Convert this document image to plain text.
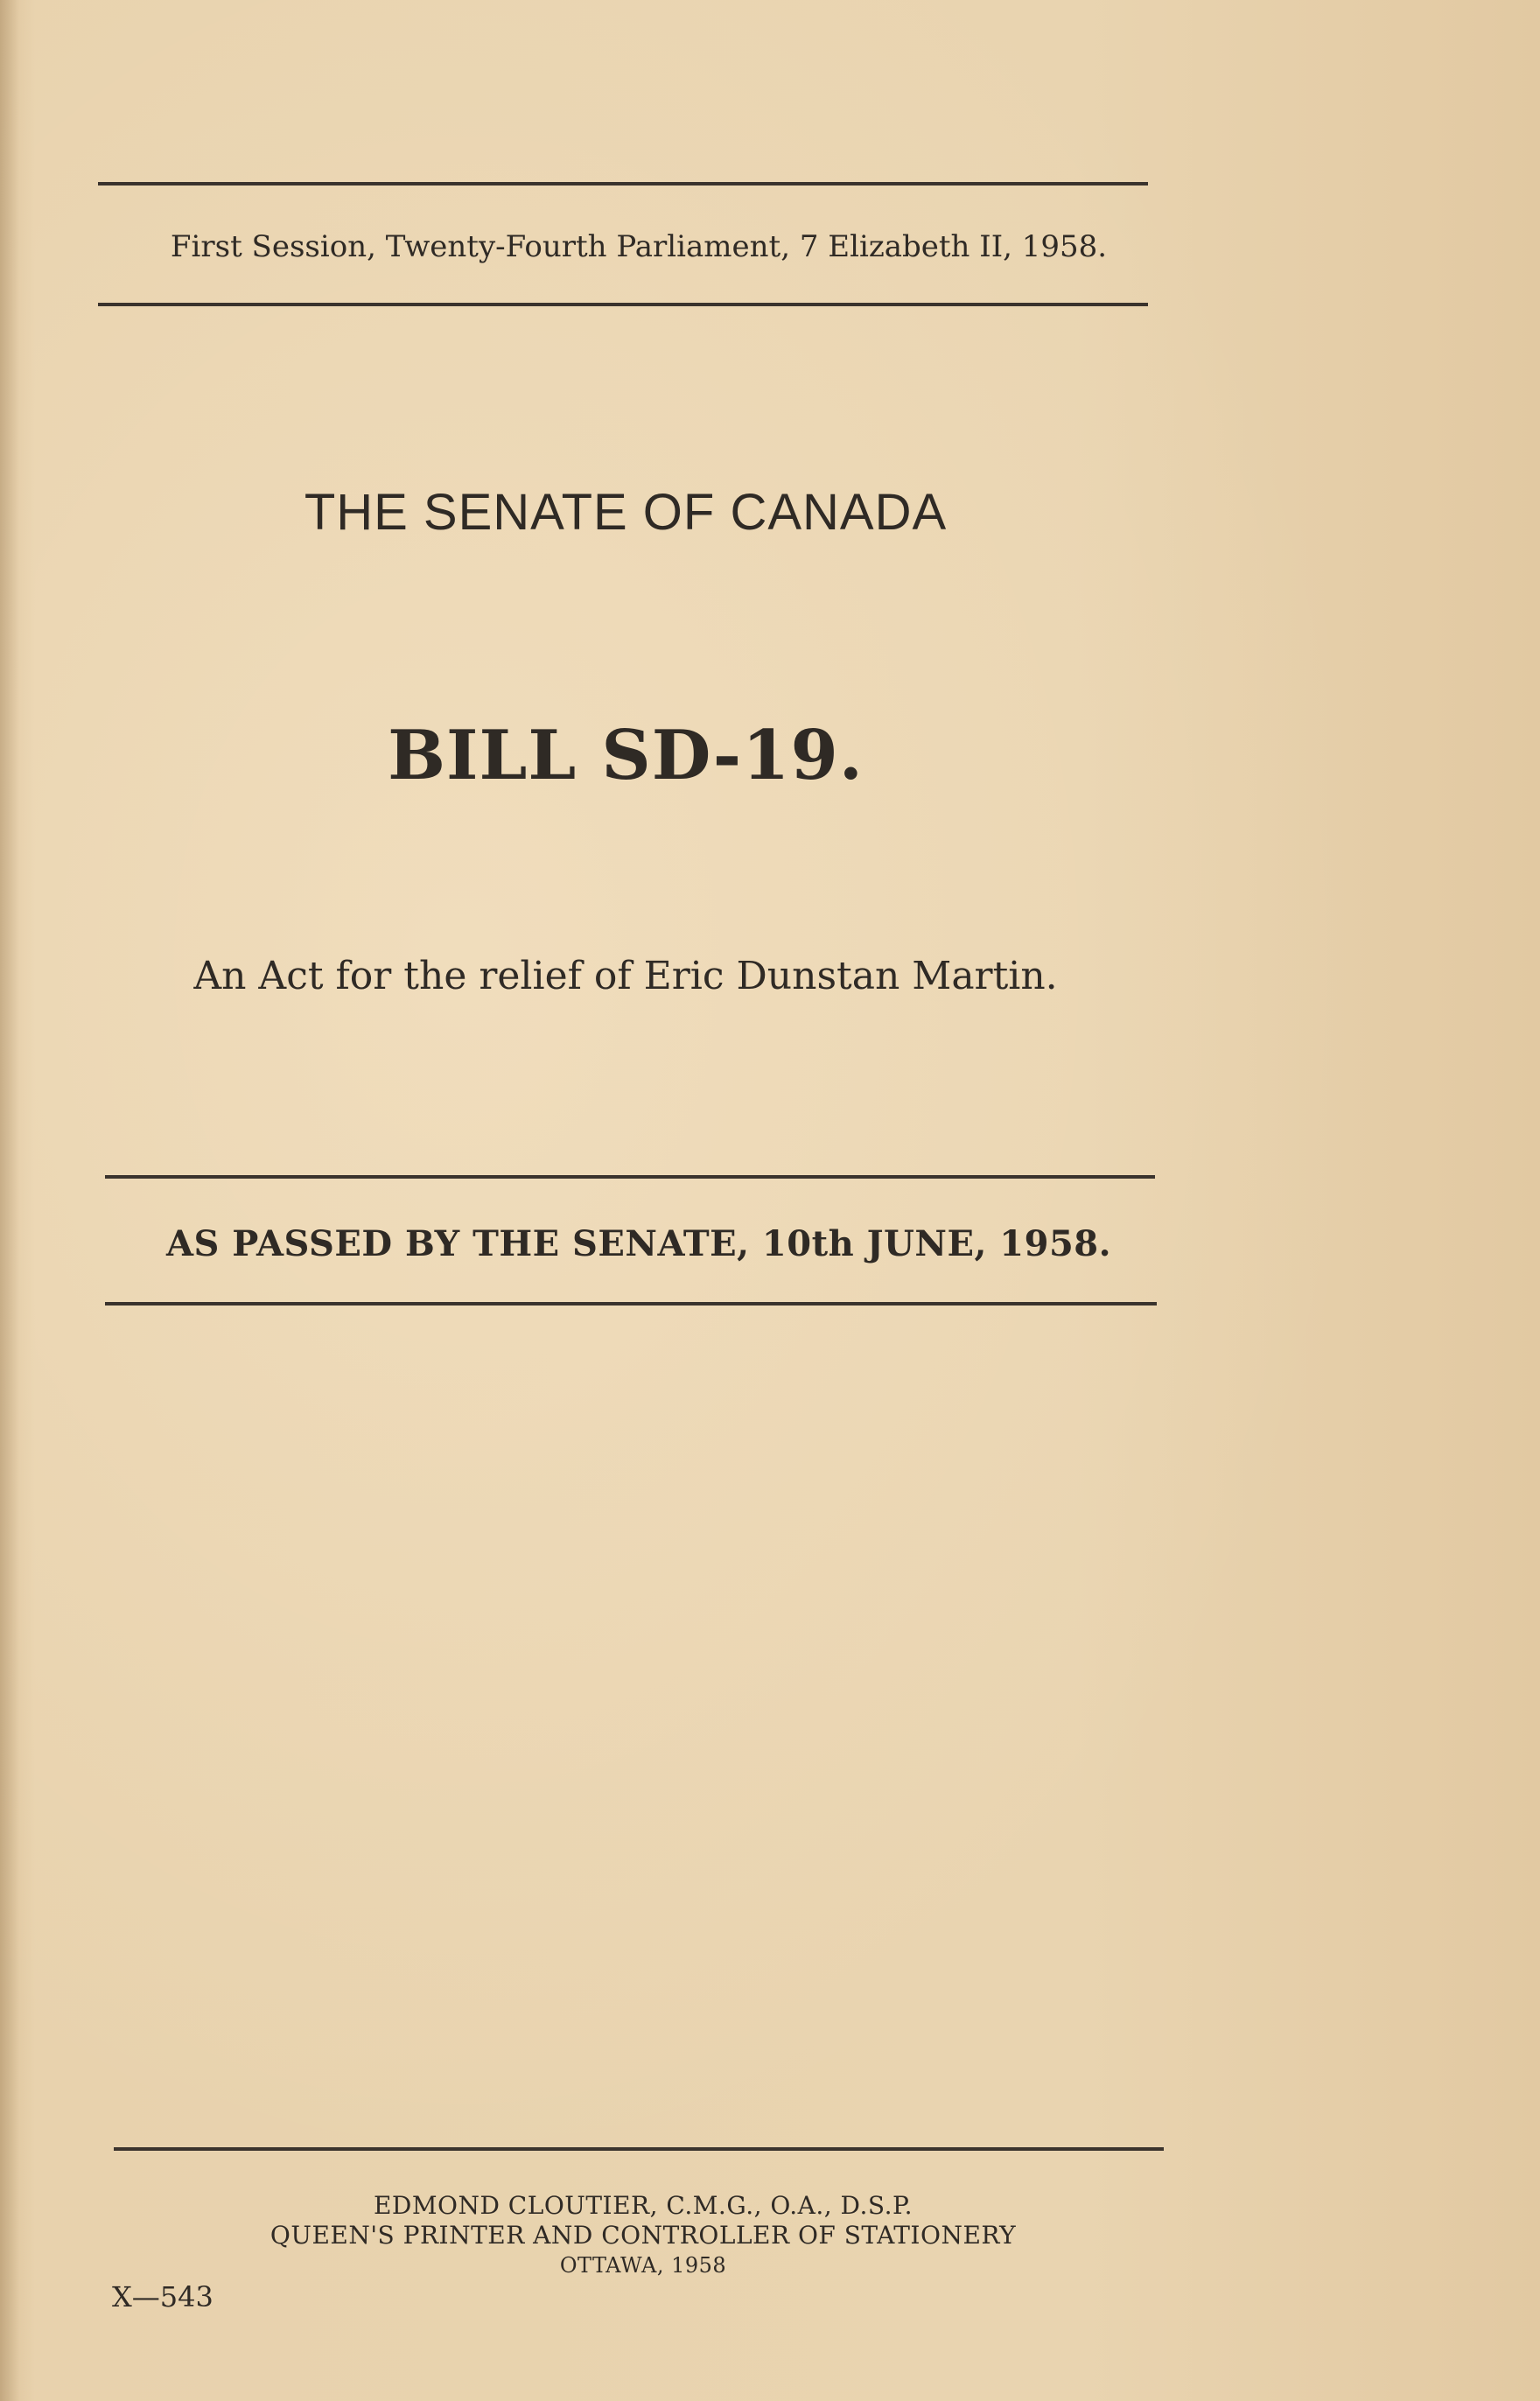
First Session, Twenty-Fourth Parliament, 7 Elizabeth II, 1958.
THE SENATE OF CANADA
BILL SD-19.
An Act for the relief of Eric Dunstan Martin.
AS PASSED BY THE SENATE, 10th JUNE, 1958.
EDMOND CLOUTIER, C.M.G., O.A., D.S.P.
QUEEN'S PRINTER AND CONTROLLER OF STATIONERY
OTTAWA, 1958
X—543
